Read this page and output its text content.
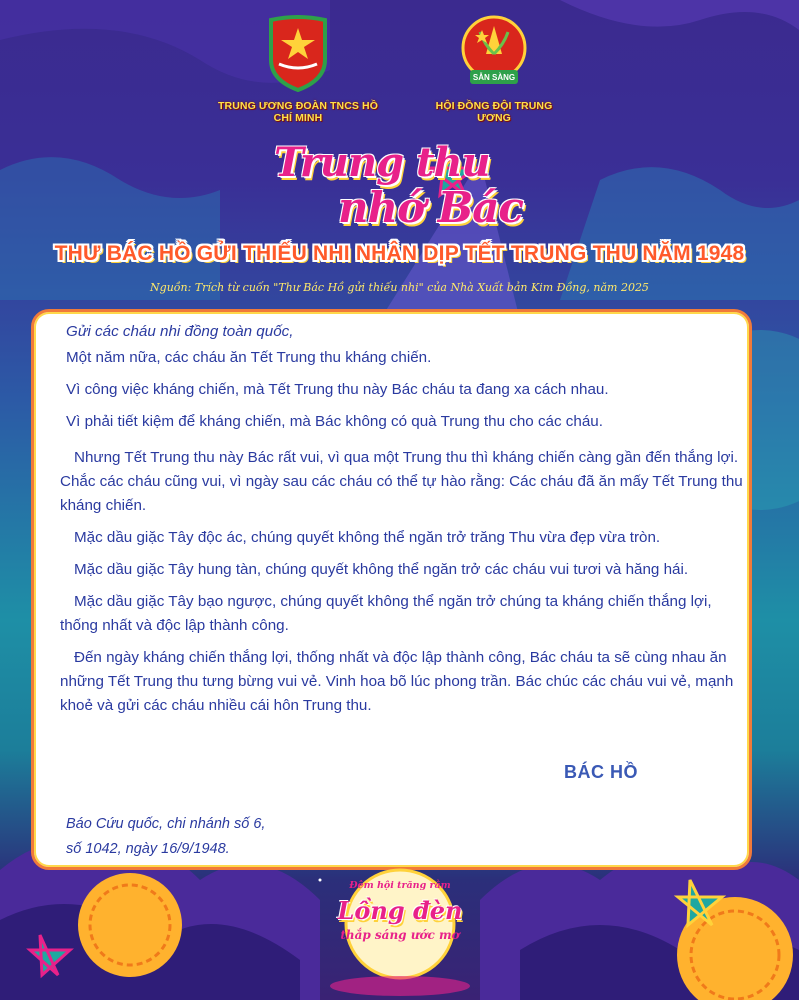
TRUNG ƯƠNG ĐOÀN TNCS HỒ CHÍ MINH
SẴN SÀNG
HỘI ĐỒNG ĐỘI TRUNG ƯƠNG
Trung thu
nhớ Bác
THƯ BÁC HỒ GỬI THIẾU NHI NHÂN DỊP TẾT TRUNG THU NĂM 1948
Nguồn: Trích từ cuốn "Thư Bác Hồ gửi thiếu nhi" của Nhà Xuất bản Kim Đồng, năm 2025

Gửi các cháu nhi đồng toàn quốc,

Một năm nữa, các cháu ăn Tết Trung thu kháng chiến.

Vì công việc kháng chiến, mà Tết Trung thu này Bác cháu ta đang xa cách nhau.

Vì phải tiết kiệm để kháng chiến, mà Bác không có quà Trung thu cho các cháu.

Nhưng Tết Trung thu này Bác rất vui, vì qua một Trung thu thì kháng chiến càng gần đến thắng lợi. Chắc các cháu cũng vui, vì ngày sau các cháu có thể tự hào rằng: Các cháu đã ăn mấy Tết Trung thu kháng chiến.

Mặc dầu giặc Tây độc ác, chúng quyết không thể ngăn trở trăng Thu vừa đẹp vừa tròn.

Mặc dầu giặc Tây hung tàn, chúng quyết không thể ngăn trở các cháu vui tươi và hăng hái.

Mặc dầu giặc Tây bạo ngược, chúng quyết không thể ngăn trở chúng ta kháng chiến thắng lợi, thống nhất và độc lập thành công.

Đến ngày kháng chiến thắng lợi, thống nhất và độc lập thành công, Bác cháu ta sẽ cùng nhau ăn những Tết Trung thu tưng bừng vui vẻ. Vinh hoa bõ lúc phong trần. Bác chúc các cháu vui vẻ, mạnh khoẻ và gửi các cháu nhiều cái hôn Trung thu.

BÁC HỒ
Báo Cứu quốc, chi nhánh số 6,
số 1042, ngày 16/9/1948.
Đêm hội trăng rằm
Lồng đèn
thắp sáng ước mơ
